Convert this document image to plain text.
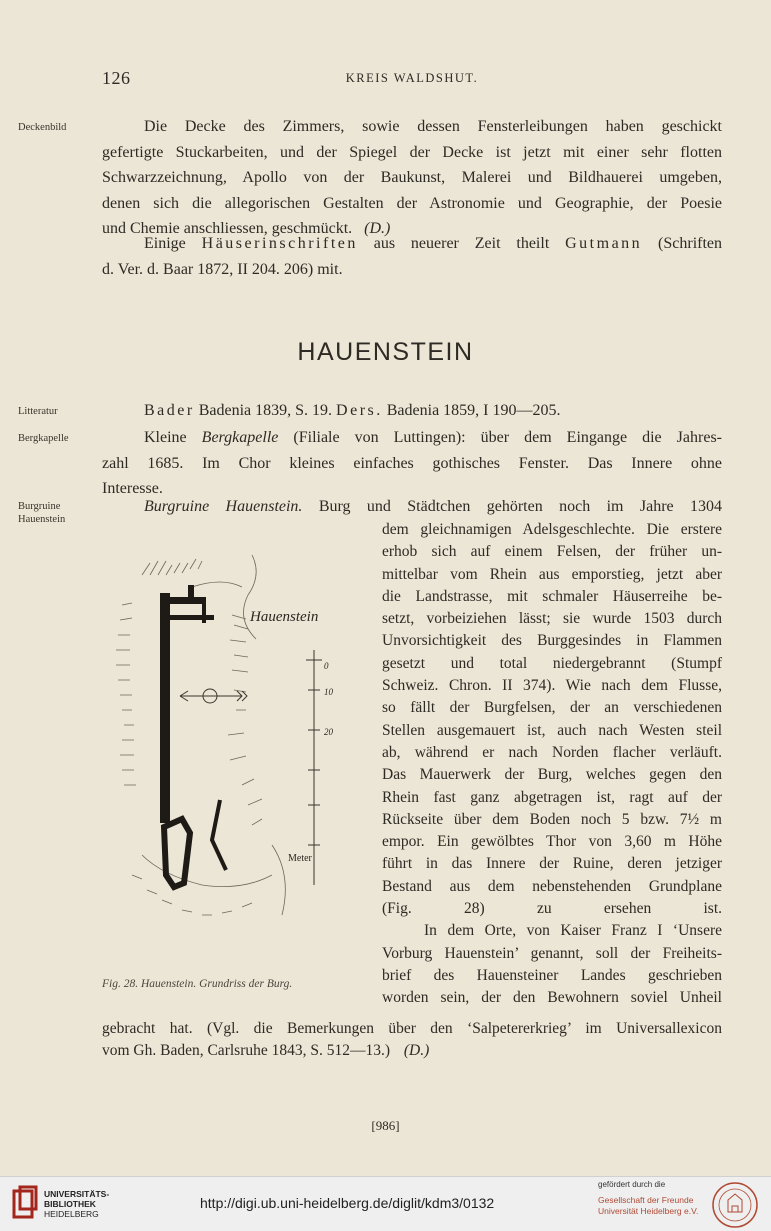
126	KREIS WALDSHUT.
Deckenbild
Litteratur
Bergkapelle
Burgruine Hauenstein
Die Decke des Zimmers, sowie dessen Fensterleibungen haben geschickt
gefertigte Stuckarbeiten, und der Spiegel der Decke ist jetzt mit einer sehr flotten
Schwarzzeichnung, Apollo von der Baukunst, Malerei und Bildhauerei umgeben,
denen sich die allegorischen Gestalten der Astronomie und Geographie, der Poesie
und Chemie anschliessen, geschmückt. (D.)
Einige Häuserinschriften aus neuerer Zeit theilt Gutmann (Schriften
d. Ver. d. Baar 1872, II 204. 206) mit.
HAUENSTEIN
Bader Badenia 1839, S. 19. Ders. Badenia 1859, I 190—205.
Kleine Bergkapelle (Filiale von Luttingen): über dem Eingange die Jahres-
zahl 1685. Im Chor kleines einfaches gothisches Fenster. Das Innere ohne
Interesse.
Burgruine Hauenstein. Burg und Städtchen gehörten noch im Jahre 1304
dem gleichnamigen Adelsgeschlechte. Die erstere
erhob sich auf einem Felsen, der früher un-
mittelbar vom Rhein aus emporstieg, jetzt aber
die Landstrasse, mit schmaler Häuserreihe be-
setzt, vorbeiziehen lässt; sie wurde 1503 durch
Unvorsichtigkeit des Burggesindes in Flammen
gesetzt und total niedergebrannt (Stumpf
Schweiz. Chron. II 374). Wie nach dem Flusse,
so fällt der Burgfelsen, der an verschiedenen
Stellen ausgemauert ist, auch nach Westen steil
ab, während er nach Norden flacher verläuft.
Das Mauerwerk der Burg, welches gegen den
Rhein fast ganz abgetragen ist, ragt auf der
Rückseite über dem Boden noch 5 bzw. 7½ m
empor. Ein gewölbtes Thor von 3,60 m Höhe
führt in das Innere der Ruine, deren jetziger
Bestand aus dem nebenstehenden Grundplane
(Fig. 28) zu ersehen ist.
In dem Orte, von Kaiser Franz I ‘Unsere
Vorburg Hauenstein’ genannt, soll der Freiheits-
brief des Hauensteiner Landes geschrieben
worden sein, der den Bewohnern soviel Unheil
gebracht hat. (Vgl. die Bemerkungen über den ‘Salpetererkrieg’ im Universallexicon
vom Gh. Baden, Carlsruhe 1843, S. 512—13.) (D.)
Hauenstein
Meter
0
10
20
Fig. 28. Hauenstein. Grundriss der Burg.
[986]
UNIVERSITÄTS-
BIBLIOTHEK
HEIDELBERG
http://digi.ub.uni-heidelberg.de/diglit/kdm3/0132
gefördert durch die
Gesellschaft der Freunde
Universität Heidelberg e.V.
